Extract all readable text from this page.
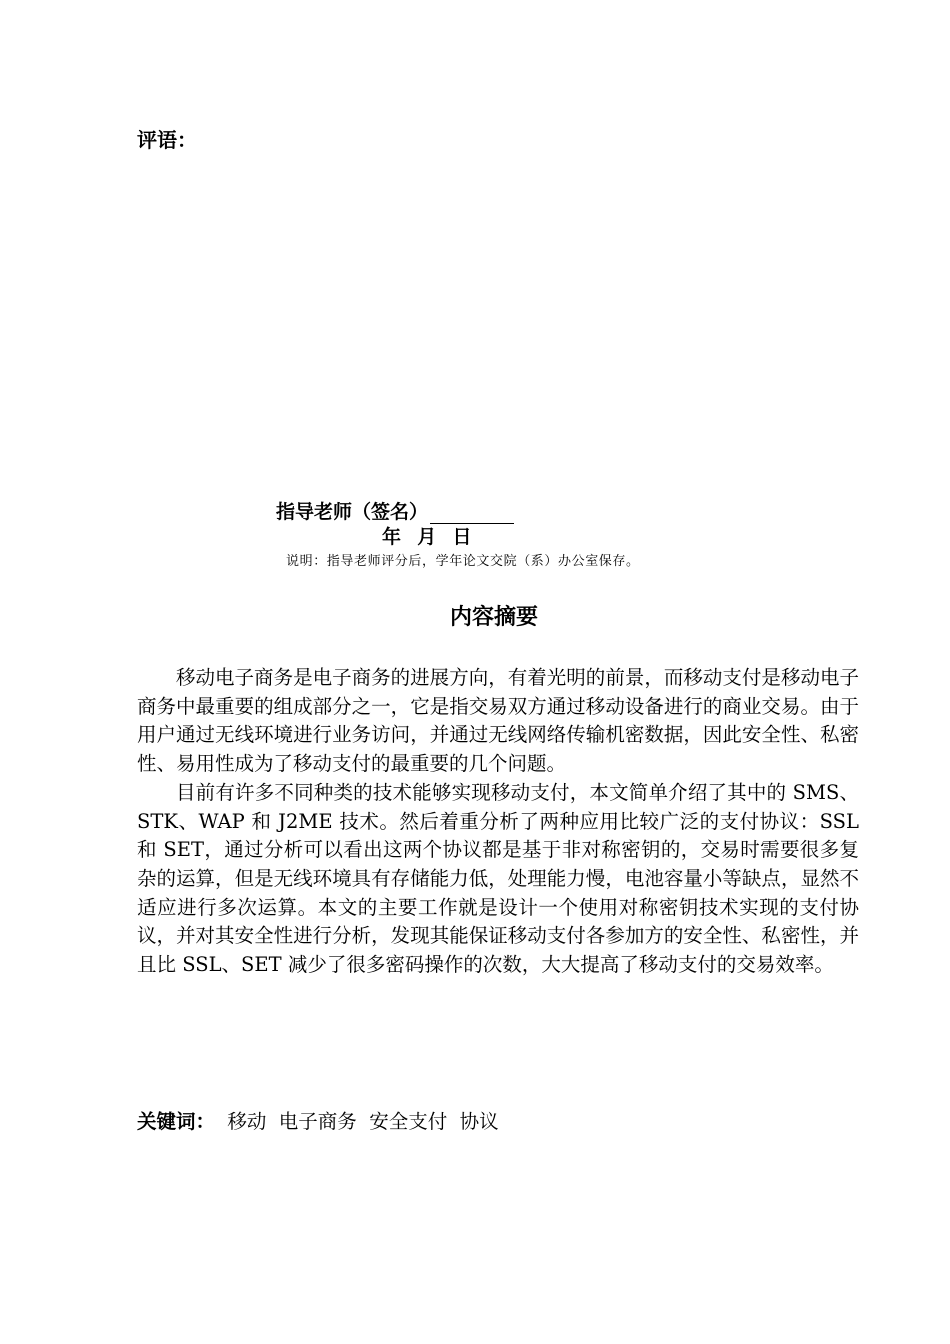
评语：
指导老师（签名）
年  月  日
说明：指导老师评分后，学年论文交院（系）办公室保存。
内容摘要

移动电子商务是电子商务的进展方向，有着光明的前景，而移动支付是移动电子商务中最重要的组成部分之一，它是指交易双方通过移动设备进行的商业交易。由于用户通过无线环境进行业务访问，并通过无线网络传输机密数据，因此安全性、私密性、易用性成为了移动支付的最重要的几个问题。

目前有许多不同种类的技术能够实现移动支付，本文简单介绍了其中的 SMS、STK、WAP 和 J2ME 技术。然后着重分析了两种应用比较广泛的支付协议：SSL 和 SET，通过分析可以看出这两个协议都是基于非对称密钥的，交易时需要很多复杂的运算，但是无线环境具有存储能力低，处理能力慢，电池容量小等缺点，显然不适应进行多次运算。本文的主要工作就是设计一个使用对称密钥技术实现的支付协议，并对其安全性进行分析，发现其能保证移动支付各参加方的安全性、私密性，并且比 SSL、SET 减少了很多密码操作的次数，大大提高了移动支付的交易效率。

关键词：  移动  电子商务  安全支付  协议
